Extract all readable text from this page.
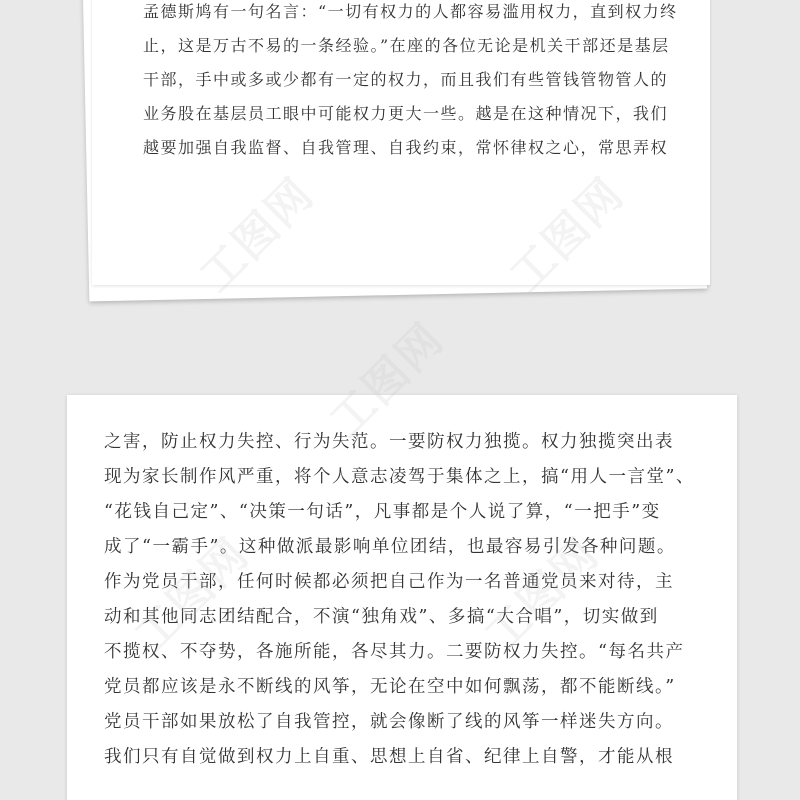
孟德斯鸠有一句名言：“一切有权力的人都容易滥用权力，直到权力终
止，这是万古不易的一条经验。”在座的各位无论是机关干部还是基层
干部，手中或多或少都有一定的权力，而且我们有些管钱管物管人的
业务股在基层员工眼中可能权力更大一些。越是在这种情况下，我们
越要加强自我监督、自我管理、自我约束，常怀律权之心，常思弄权
之害，防止权力失控、行为失范。一要防权力独揽。权力独揽突出表
现为家长制作风严重，将个人意志凌驾于集体之上，搞“用人一言堂”、
“花钱自己定”、“决策一句话”，凡事都是个人说了算，“一把手”变
成了“一霸手”。这种做派最影响单位团结，也最容易引发各种问题。
作为党员干部，任何时候都必须把自己作为一名普通党员来对待，主
动和其他同志团结配合，不演“独角戏”、多搞“大合唱”，切实做到
不揽权、不夺势，各施所能，各尽其力。二要防权力失控。“每名共产
党员都应该是永不断线的风筝，无论在空中如何飘荡，都不能断线。”
党员干部如果放松了自我管控，就会像断了线的风筝一样迷失方向。
我们只有自觉做到权力上自重、思想上自省、纪律上自警，才能从根
工图网
